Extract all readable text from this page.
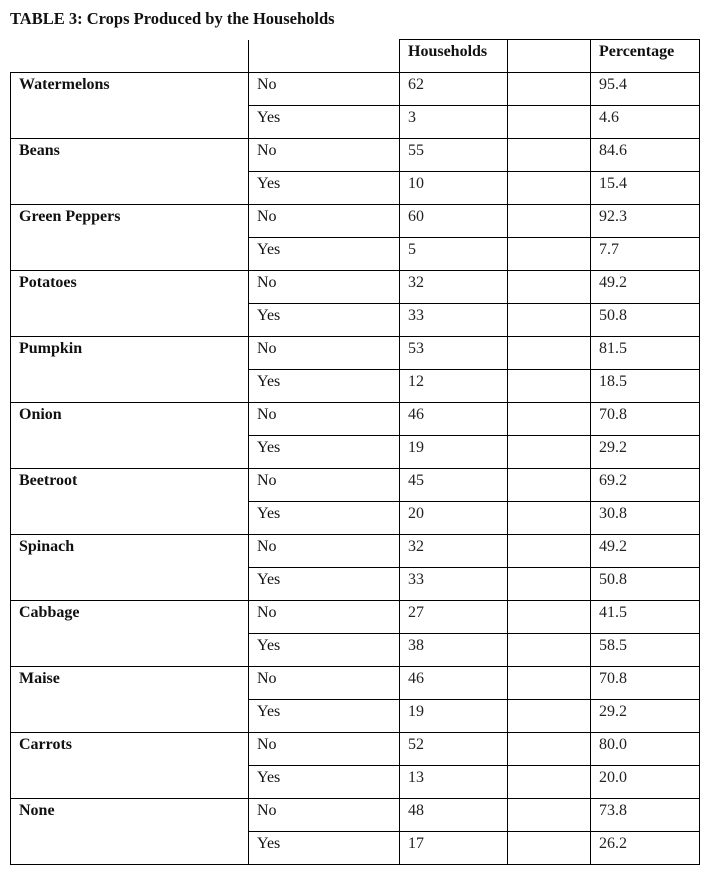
TABLE 3: Crops Produced by the Households
		Households		Percentage
Watermelons	No	62		95.4
	Yes	3		4.6
Beans	No	55		84.6
	Yes	10		15.4
Green Peppers	No	60		92.3
	Yes	5		7.7
Potatoes	No	32		49.2
	Yes	33		50.8
Pumpkin	No	53		81.5
	Yes	12		18.5
Onion	No	46		70.8
	Yes	19		29.2
Beetroot	No	45		69.2
	Yes	20		30.8
Spinach	No	32		49.2
	Yes	33		50.8
Cabbage	No	27		41.5
	Yes	38		58.5
Maise	No	46		70.8
	Yes	19		29.2
Carrots	No	52		80.0
	Yes	13		20.0
None	No	48		73.8
	Yes	17		26.2
